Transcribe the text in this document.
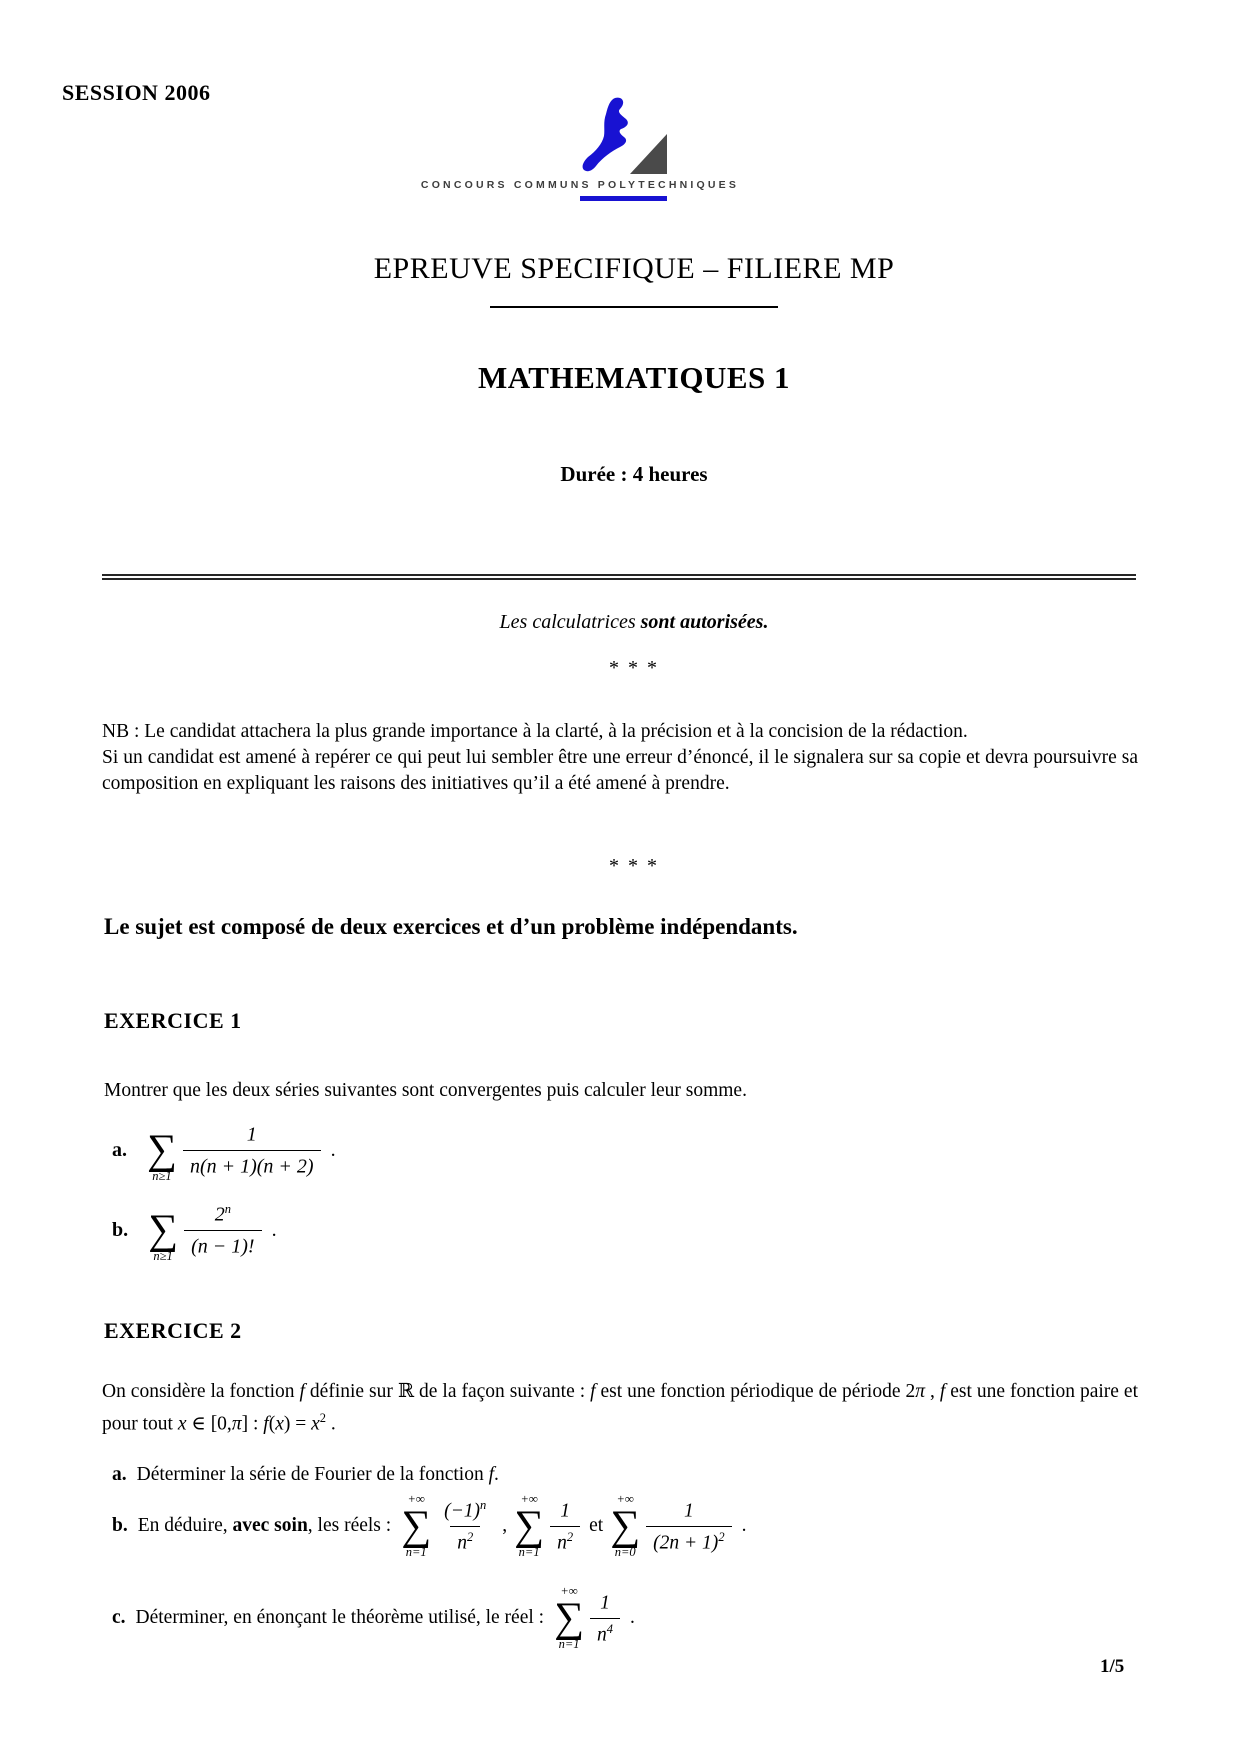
SESSION 2006
CONCOURS COMMUNS POLYTECHNIQUES
EPREUVE SPECIFIQUE – FILIERE MP
MATHEMATIQUES 1
Durée : 4 heures
Les calculatrices sont autorisées.
* * *

NB : Le candidat attachera la plus grande importance à la clarté, à la précision et à la concision de la rédaction.

Si un candidat est amené à repérer ce qui peut lui sembler être une erreur d’énoncé, il le signalera sur sa copie et devra poursuivre sa composition en expliquant les raisons des initiatives qu’il a été amené à prendre.

* * *
Le sujet est composé de deux exercices et d’un problème indépendants.
EXERCICE 1
Montrer que les deux séries suivantes sont convergentes puis calculer leur somme.
a. ∑
$n\ge 1 \frac{1}{n(n + 1)(n + 2)}$ .
b. ∑
$n\ge 1 \frac{2^n}{(n - 1)!}$ .
EXERCICE 2
On considère la fonction f définie sur ℝ de la façon suivante : f est une fonction périodique de période 2π , f est une fonction paire et pour tout x ∈ [0,π] : $f(x) = x^2$ .
a. Déterminer la série de Fourier de la fonction f.
b. En déduire, avec soin, les réels :
+∞
∑
$n=1 \frac{(-1)^n}{n^2}$ ,
+∞
∑
$n=1 \frac{1}{n^2}$ et
+∞
∑
$n=0 \frac{1}{(2n + 1)^2}$ .
c. Déterminer, en énonçant le théorème utilisé, le réel :
+∞
∑
$n=1 \frac{1}{n^4}$ .
1/5
